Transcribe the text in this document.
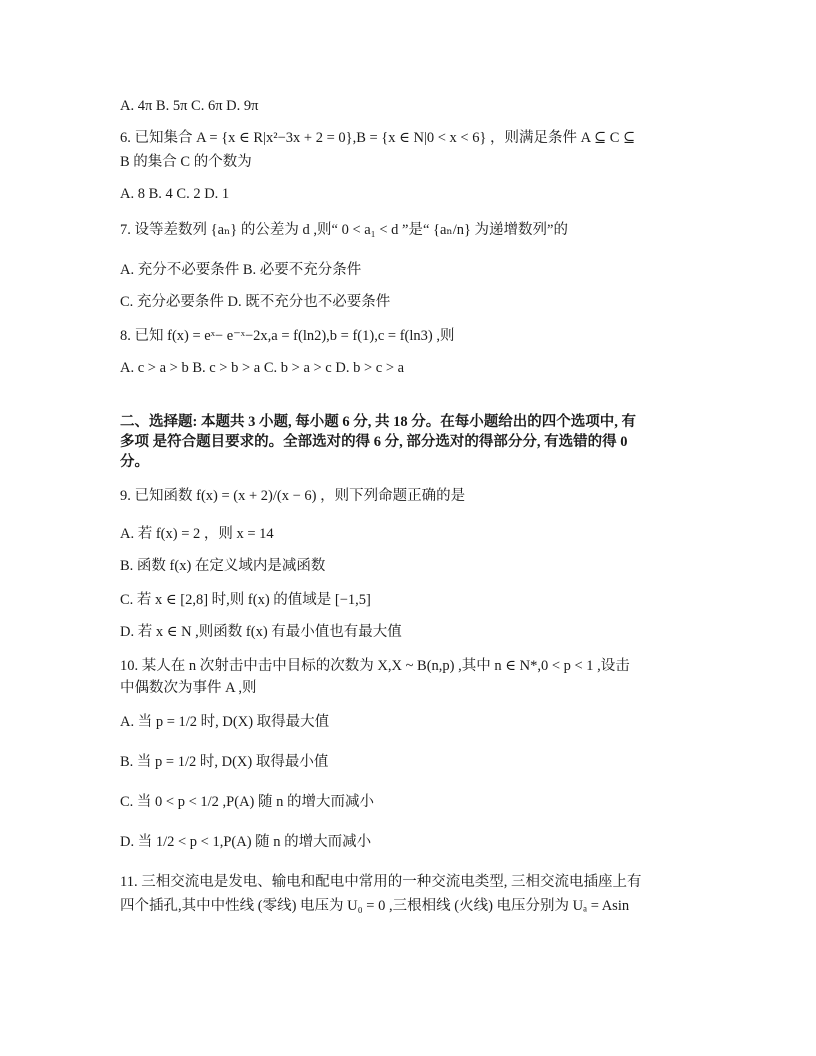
A. 4π B. 5π C. 6π D. 9π
6. 已知集合 A = {x ∈ R|x²−3x + 2 = 0},B = {x ∈ N|0 < x < 6} ，则满足条件 A ⊆ C ⊆
B 的集合 C 的个数为
A. 8 B. 4 C. 2 D. 1
7. 设等差数列 {aₙ} 的公差为 d ,则“ 0 < a₁ < d ”是“ {aₙ/n} 为递增数列”的
A. 充分不必要条件 B. 必要不充分条件
C. 充分必要条件 D. 既不充分也不必要条件
8. 已知 f(x) = eˣ− e⁻ˣ−2x,a = f(ln2),b = f(1),c = f(ln3) ,则
A. c > a > b B. c > b > a C. b > a > c D. b > c > a
二、选择题: 本题共 3 小题, 每小题 6 分, 共 18 分。在每小题给出的四个选项中, 有
多项 是符合题目要求的。全部选对的得 6 分, 部分选对的得部分分, 有选错的得 0
分。
9. 已知函数 f(x) = (x + 2)/(x − 6) ，则下列命题正确的是
A. 若 f(x) = 2 ，则 x = 14
B. 函数 f(x) 在定义域内是减函数
C. 若 x ∈ [2,8] 时,则 f(x) 的值域是 [−1,5]
D. 若 x ∈ N ,则函数 f(x) 有最小值也有最大值
10. 某人在 n 次射击中击中目标的次数为 X,X ~ B(n,p) ,其中 n ∈ N*,0 < p < 1 ,设击
中偶数次为事件 A ,则
A. 当 p = 1/2 时, D(X) 取得最大值
B. 当 p = 1/2 时, D(X) 取得最小值
C. 当 0 < p < 1/2 ,P(A) 随 n 的增大而减小
D. 当 1/2 < p < 1,P(A) 随 n 的增大而减小
11. 三相交流电是发电、输电和配电中常用的一种交流电类型, 三相交流电插座上有
四个插孔,其中中性线 (零线) 电压为 U₀ = 0 ,三根相线 (火线) 电压分别为 Uₐ = Asin
